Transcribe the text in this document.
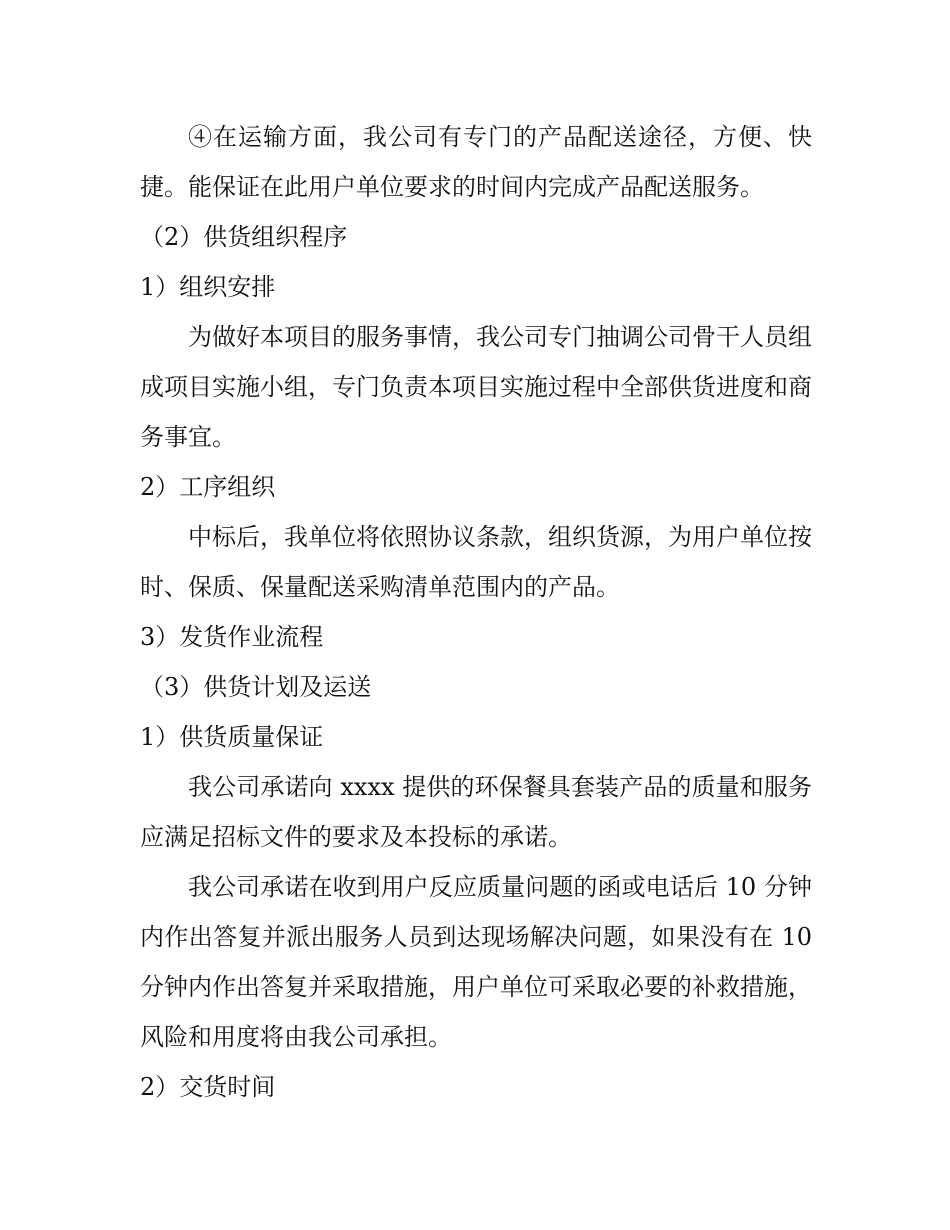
④在运输方面，我公司有专门的产品配送途径，方便、快捷。能保证在此用户单位要求的时间内完成产品配送服务。

（2）供货组织程序

1）组织安排

为做好本项目的服务事情，我公司专门抽调公司骨干人员组成项目实施小组，专门负责本项目实施过程中全部供货进度和商务事宜。

2）工序组织

中标后，我单位将依照协议条款，组织货源，为用户单位按时、保质、保量配送采购清单范围内的产品。

3）发货作业流程

（3）供货计划及运送

1）供货质量保证

我公司承诺向 xxxx 提供的环保餐具套装产品的质量和服务应满足招标文件的要求及本投标的承诺。

我公司承诺在收到用户反应质量问题的函或电话后 10 分钟内作出答复并派出服务人员到达现场解决问题，如果没有在 10 分钟内作出答复并采取措施，用户单位可采取必要的补救措施，风险和用度将由我公司承担。

2）交货时间
